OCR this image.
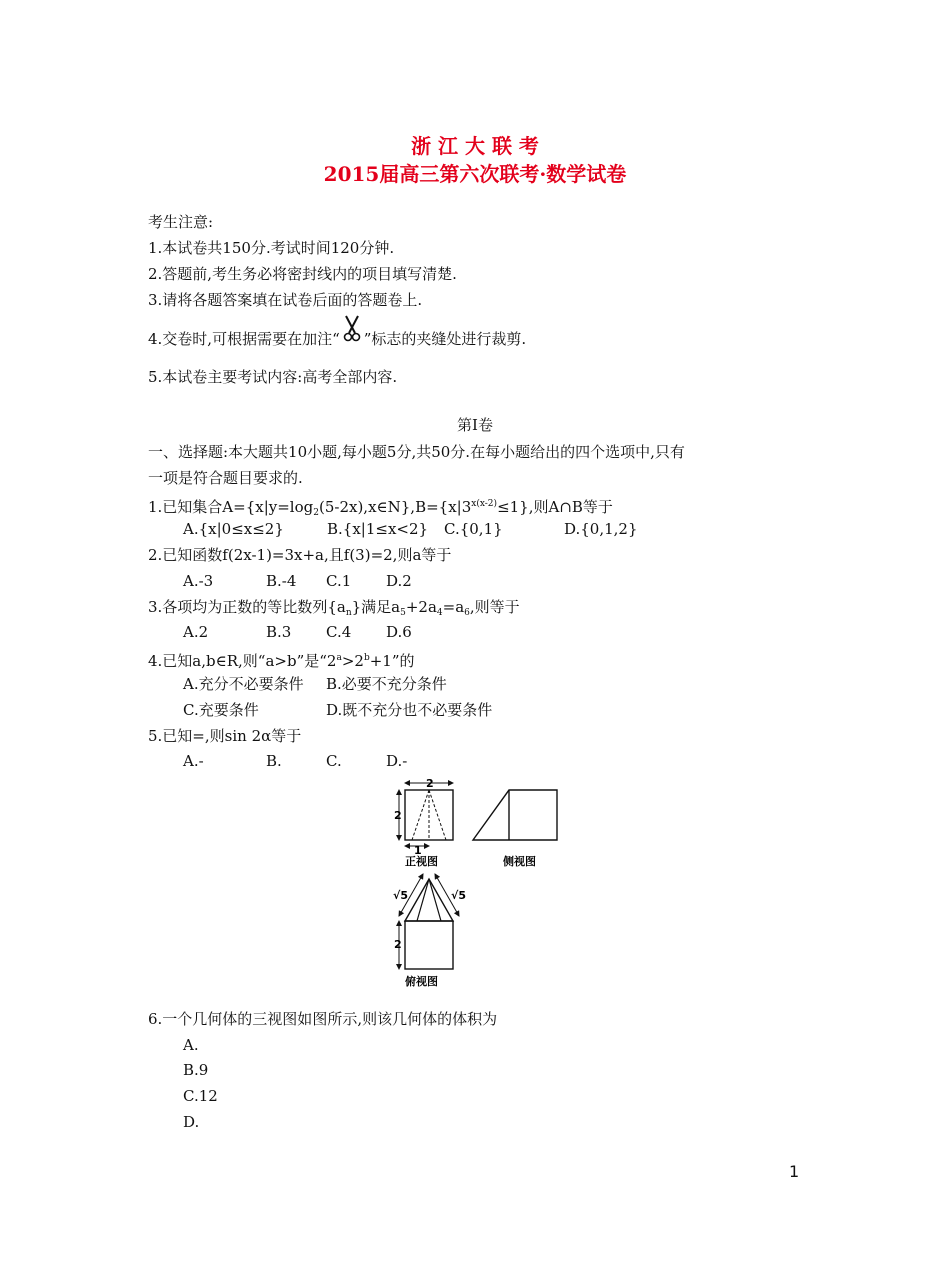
浙 江 大 联 考
2015届高三第六次联考·数学试卷
考生注意:
1.本试卷共150分.考试时间120分钟.
2.答题前,考生务必将密封线内的项目填写清楚.
3.请将各题答案填在试卷后面的答题卷上.
4.交卷时,可根据需要在加注“ ”标志的夹缝处进行裁剪.
5.本试卷主要考试内容:高考全部内容.
第Ⅰ卷
一、选择题:本大题共10小题,每小题5分,共50分.在每小题给出的四个选项中,只有
一项是符合题目要求的.
1.已知集合$A=\{x|y=\log_2(5-2x),x\in N\},B=\{x|3^{x(x-2)}\le 1\}$,则A∩B等于
A.{x|0≤x≤2}	B.{x|1≤x<2} C.{0,1}	D.{0,1,2}
2.已知函数f(2x-1)=3x+a,且f(3)=2,则a等于
A.-3	B.-4 C.1 D.2
3.各项均为正数的等比数列$\{a_n\}$满足$a_5+2a_4=a_6$,则等于
A.2	B.3 C.4 D.6
4.已知a,b∈R,则“a>b”是“$2^a>2^b+1$”的
A.充分不必要条件 B.必要不充分条件
C.充要条件	D.既不充分也不必要条件
5.已知=,则sin 2α等于
A.-	B.	C.	D.-
2
2
1
正视图	侧视图
√5	√5
2
俯视图
6.一个几何体的三视图如图所示,则该几何体的体积为
A.
B.9
C.12
D.
1
